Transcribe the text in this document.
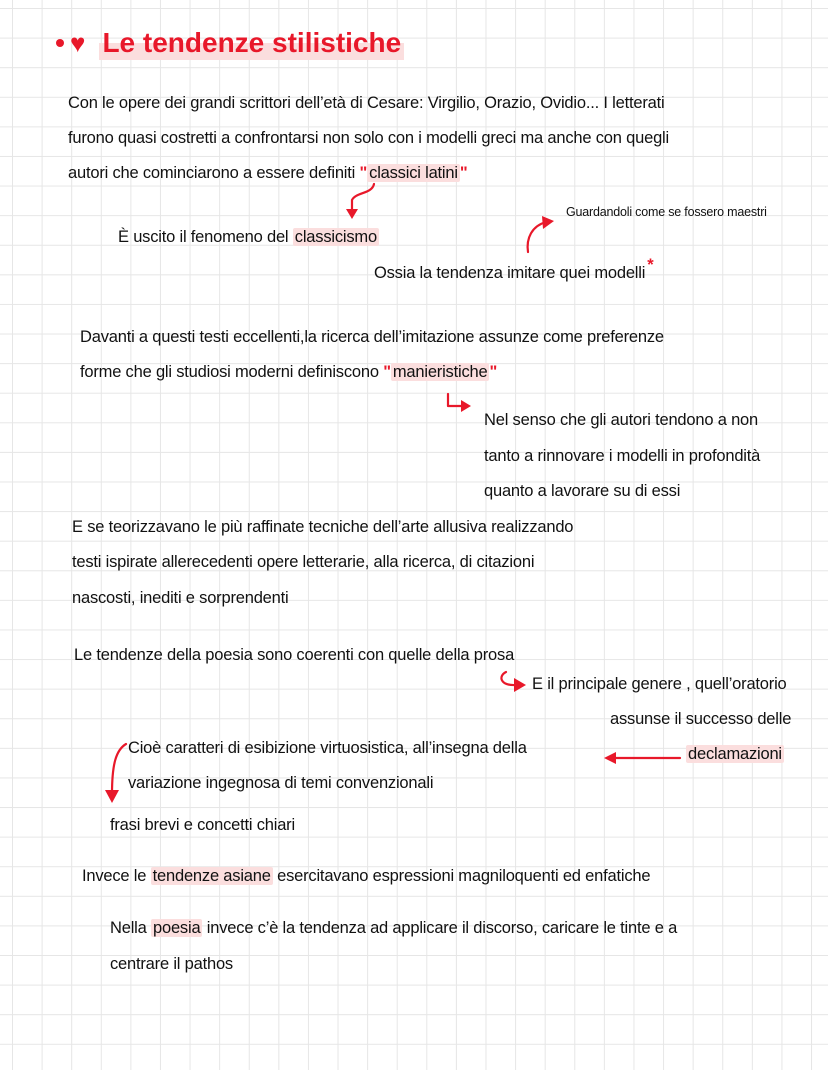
♥ Le tendenze stilistiche
Con le opere dei grandi scrittori dell’età di Cesare: Virgilio, Orazio, Ovidio... I letterati
furono quasi costretti a confrontarsi non solo con i modelli greci ma anche con quegli
autori che cominciarono a essere definiti " classici latini "
È uscito il fenomeno del classicismo
Guardandoli come se fossero maestri
Ossia la tendenza imitare quei modelli *
Davanti a questi testi eccellenti,la ricerca dell’imitazione assunze come preferenze
forme che gli studiosi moderni definiscono " manieristiche "
Nel senso che gli autori tendono a non
tanto a rinnovare i modelli in profondità
quanto a lavorare su di essi
E se teorizzavano le più raffinate tecniche dell’arte allusiva realizzando
testi ispirate allerecedenti opere letterarie, alla ricerca, di citazioni
nascosti, inediti e sorprendenti
Le tendenze della poesia sono coerenti con quelle della prosa
E il principale genere , quell’oratorio
assunse il successo delle
declamazioni
Cioè caratteri di esibizione virtuosistica, all’insegna della
variazione ingegnosa di temi convenzionali
frasi brevi e concetti chiari
Invece le tendenze asiane esercitavano espressioni magniloquenti ed enfatiche
Nella poesia invece c’è la tendenza ad applicare il discorso, caricare le tinte e a
centrare il pathos
